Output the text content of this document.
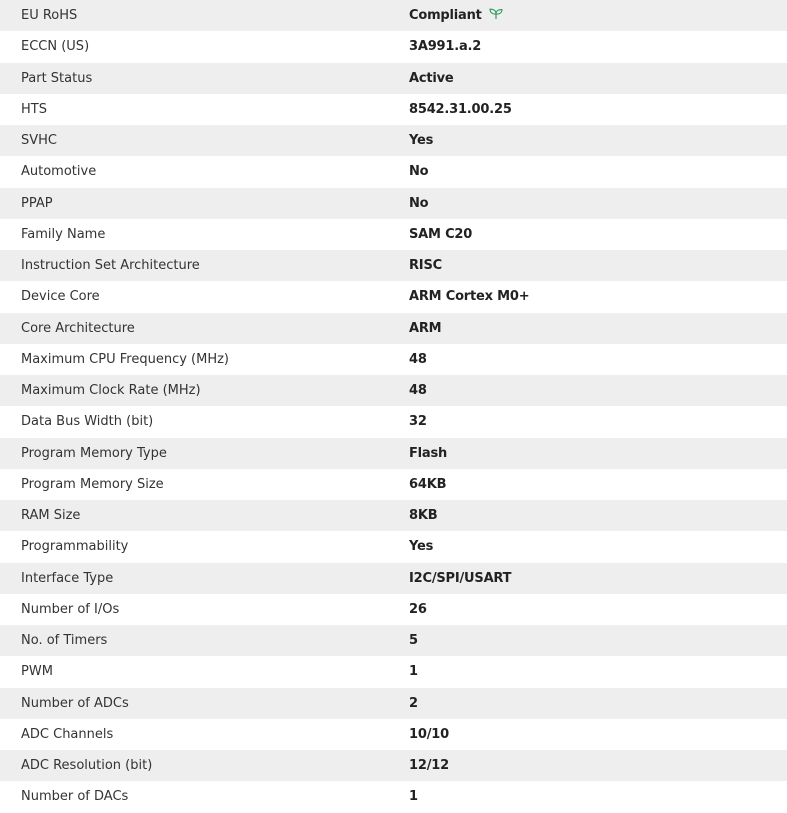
EU RoHS	Compliant

ECCN (US)	3A991.a.2
Part Status	Active
HTS	8542.31.00.25
SVHC	Yes
Automotive	No
PPAP	No
Family Name	SAM C20
Instruction Set Architecture	RISC
Device Core	ARM Cortex M0+
Core Architecture	ARM
Maximum CPU Frequency (MHz)	48
Maximum Clock Rate (MHz)	48
Data Bus Width (bit)	32
Program Memory Type	Flash
Program Memory Size	64KB
RAM Size	8KB
Programmability	Yes
Interface Type	I2C/SPI/USART
Number of I/Os	26
No. of Timers	5
PWM	1
Number of ADCs	2
ADC Channels	10/10
ADC Resolution (bit)	12/12
Number of DACs	1
